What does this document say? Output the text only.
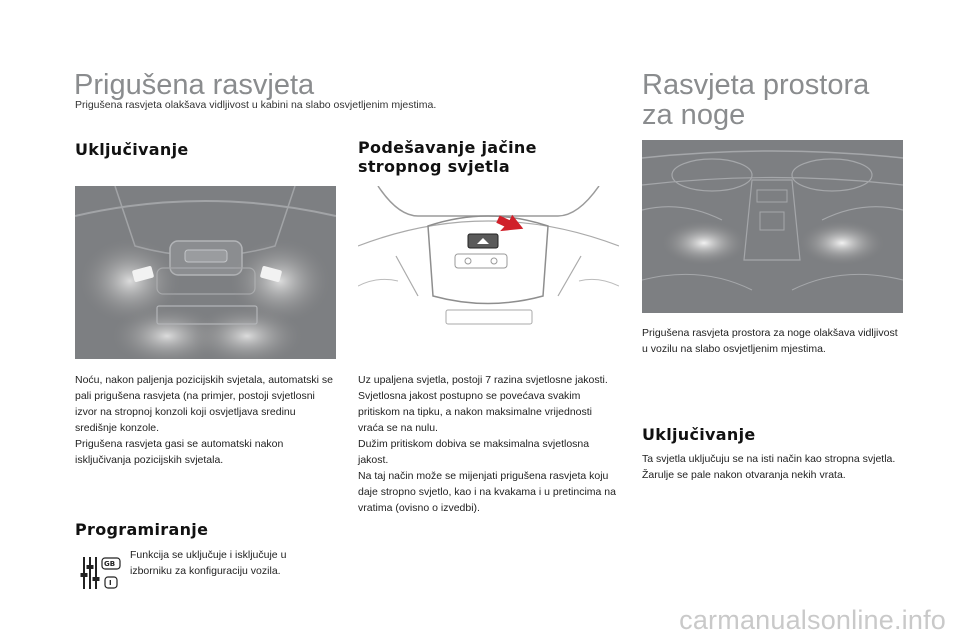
Prigušena rasvjeta
Prigušena rasvjeta olakšava vidljivost u kabini na slabo osvjetljenim mjestima.
Rasvjeta prostora
za noge
Uključivanje
Noću, nakon paljenja pozicijskih svjetala, automatski se pali prigušena rasvjeta (na primjer, postoji svjetlosni izvor na stropnoj konzoli koji osvjetljava sredinu središnje konzole.
Prigušena rasvjeta gasi se automatski nakon isključivanja pozicijskih svjetala.
Programiranje
GB
I
Funkcija se uključuje i isključuje u izborniku za konfiguraciju vozila.
Podešavanje jačine
stropnog svjetla
Uz upaljena svjetla, postoji 7 razina svjetlosne jakosti.
Svjetlosna jakost postupno se povećava svakim pritiskom na tipku, a nakon maksimalne vrijednosti vraća se na nulu.
Dužim pritiskom dobiva se maksimalna svjetlosna jakost.
Na taj način može se mijenjati prigušena rasvjeta koju daje stropno svjetlo, kao i na kvakama i u pretincima na vratima (ovisno o izvedbi).
Prigušena rasvjeta prostora za noge olakšava vidljivost u vozilu na slabo osvjetljenim mjestima.
Uključivanje
Ta svjetla uključuju se na isti način kao stropna svjetla. Žarulje se pale nakon otvaranja nekih vrata.
carmanualsonline.info
